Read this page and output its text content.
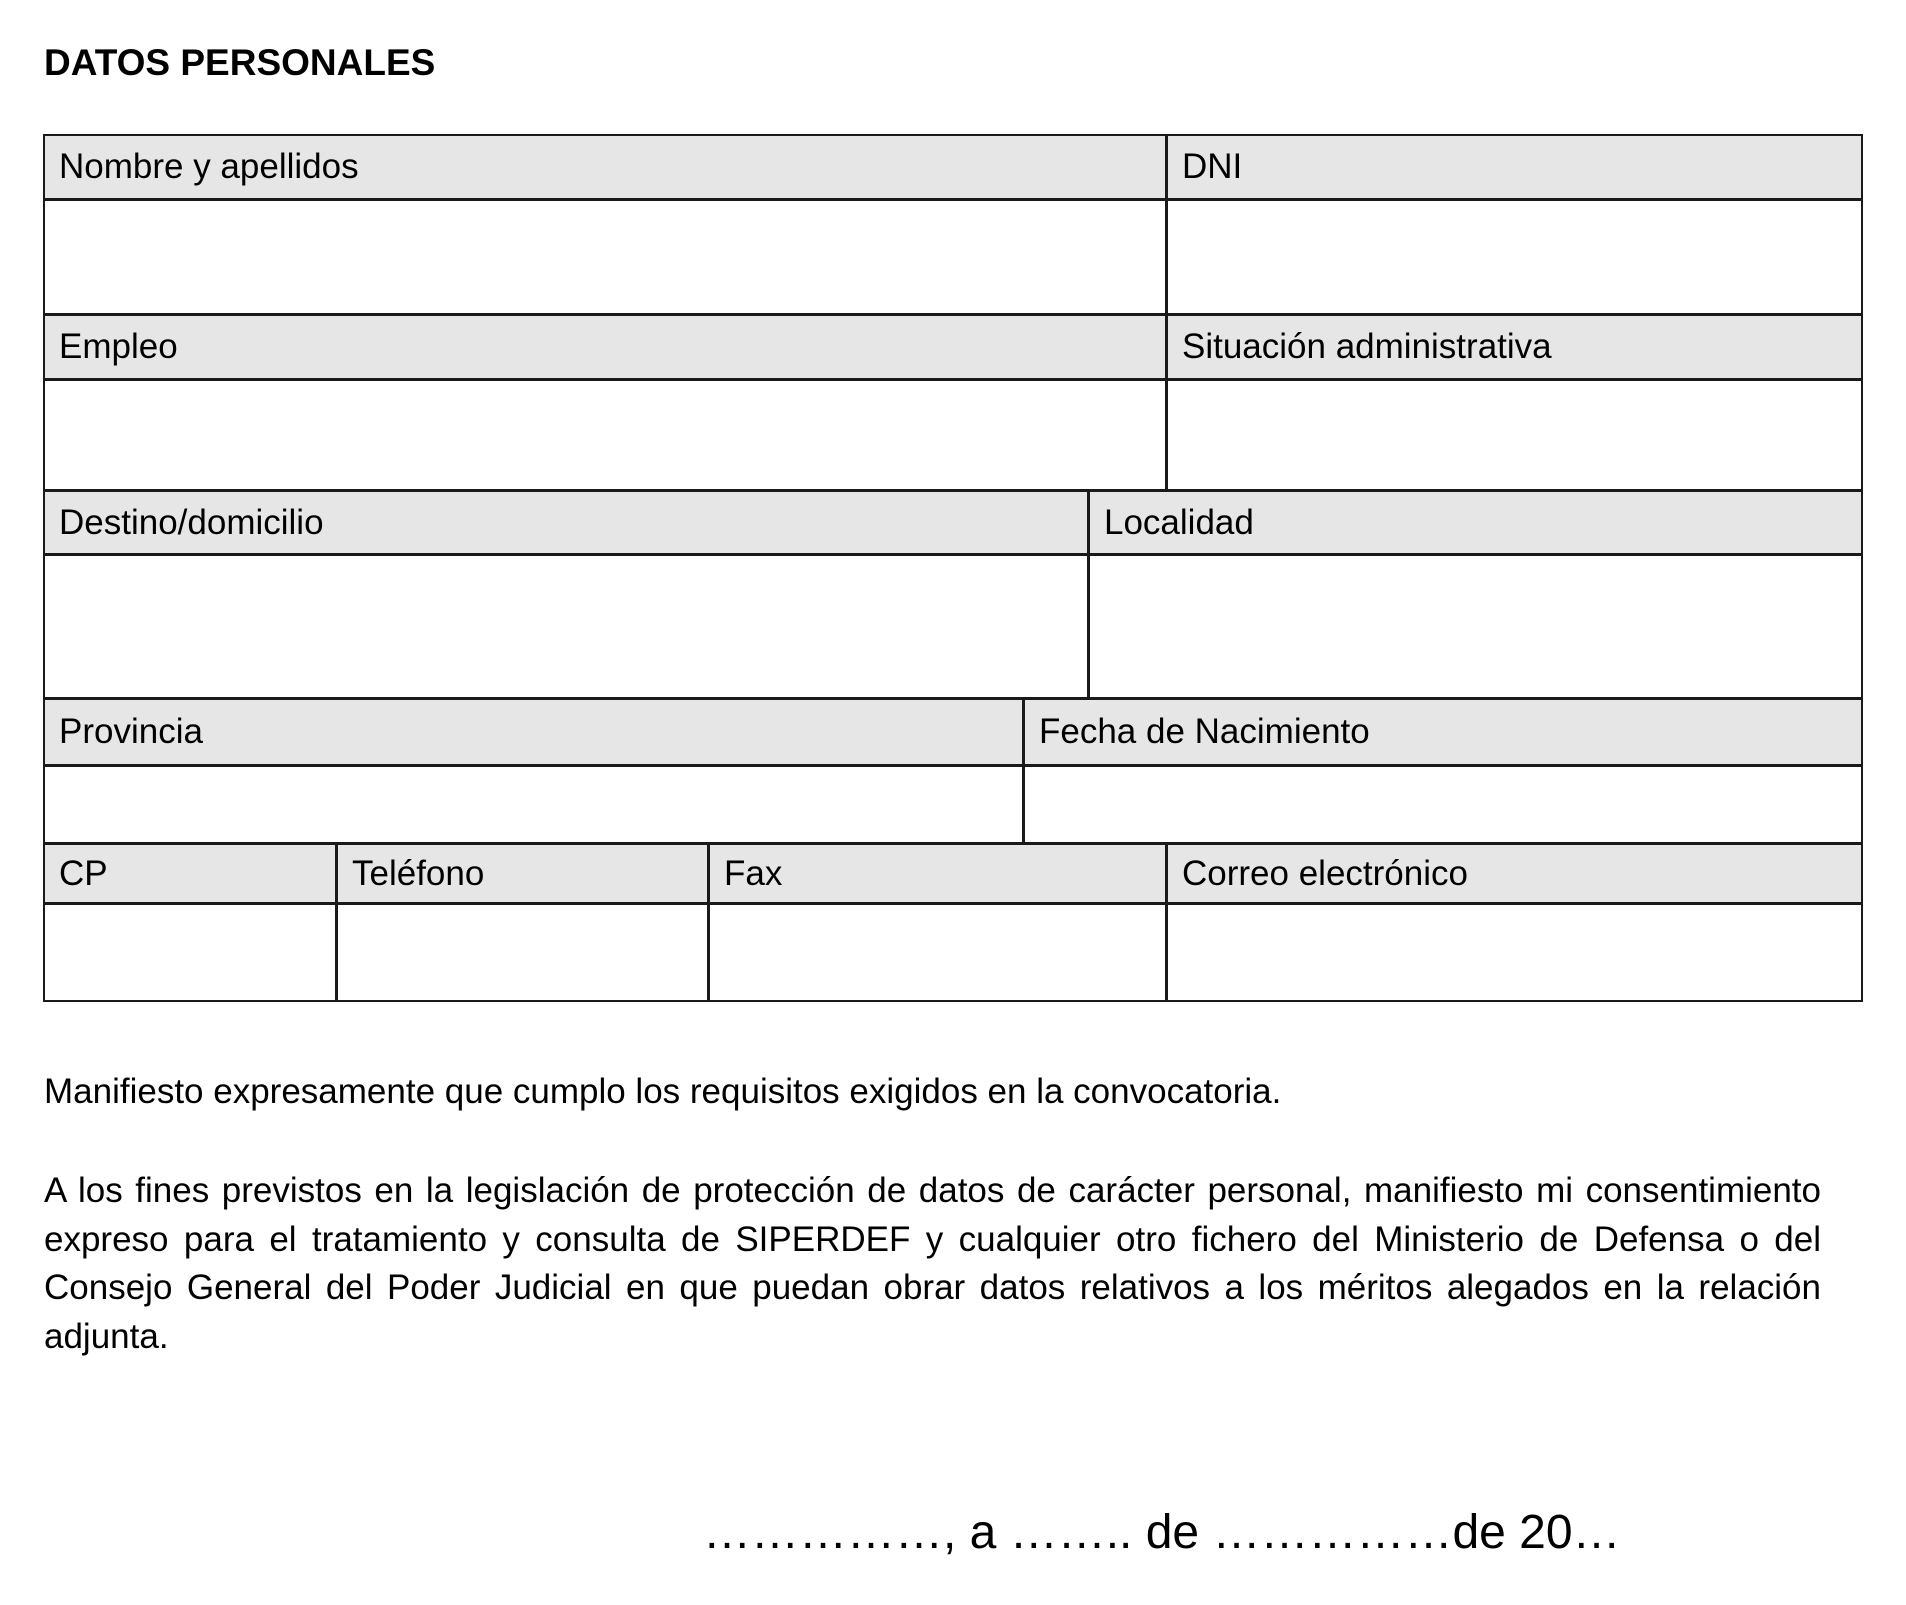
DATOS PERSONALES
Nombre y apellidos	DNI
Empleo	Situación administrativa
Destino/domicilio	Localidad
Provincia	Fecha de Nacimiento
CP	Teléfono	Fax	Correo electrónico
Manifiesto expresamente que cumplo los requisitos exigidos en la convocatoria.
A los fines previstos en la legislación de protección de datos de carácter personal, manifiesto mi consentimiento expreso para el tratamiento y consulta de SIPERDEF y cualquier otro fichero del Ministerio de Defensa o del Consejo General del Poder Judicial en que puedan obrar datos relativos a los méritos alegados en la relación adjunta.
……………, a …….. de ……………de 20…
